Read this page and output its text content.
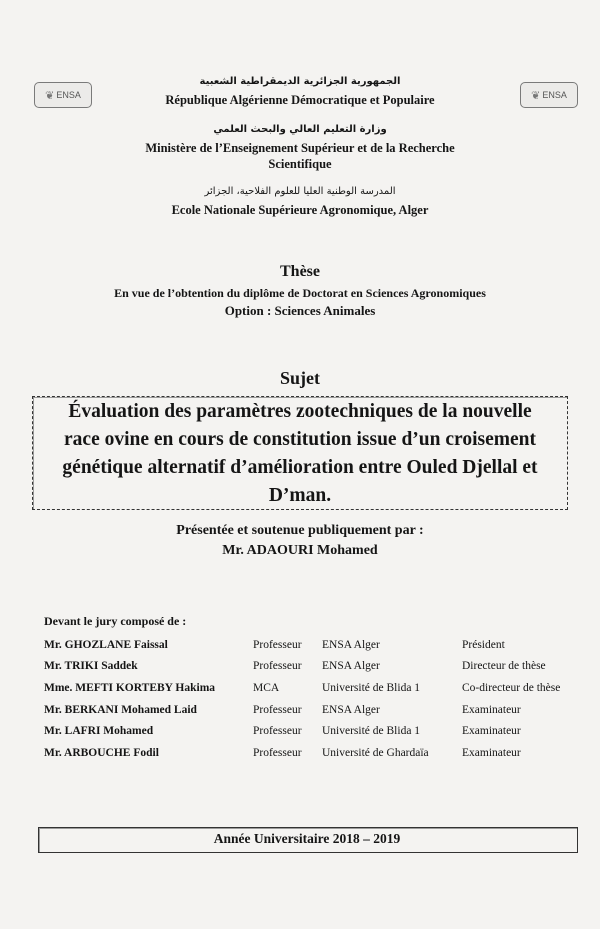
❦ ENSA	❦ ENSA
الجمهورية الجزائرية الديمقراطية الشعبية
République Algérienne Démocratique et Populaire
وزارة التعليم العالي والبحث العلمي
Ministère de l’Enseignement Supérieur et de la Recherche
Scientifique
المدرسة الوطنية العليا للعلوم الفلاحية، الجزائر
Ecole Nationale Supérieure Agronomique, Alger
Thèse
En vue de l’obtention du diplôme de Doctorat en Sciences Agronomiques
Option : Sciences Animales
Sujet
Évaluation des paramètres zootechniques de la nouvelle
race ovine en cours de constitution issue d’un croisement
génétique alternatif d’amélioration entre Ouled Djellal et
D’man.
Présentée et soutenue publiquement par :
Mr. ADAOURI Mohamed
Devant le jury composé de :
Mr. GHOZLANE Faissal	Professeur ENSA Alger	Président
Mr. TRIKI Saddek	Professeur ENSA Alger	Directeur de thèse
Mme. MEFTI KORTEBY Hakima	MCA	Université de Blida 1	Co-directeur de thèse
Mr. BERKANI Mohamed Laid	Professeur ENSA Alger	Examinateur
Mr. LAFRI Mohamed	Professeur Université de Blida 1	Examinateur
Mr. ARBOUCHE Fodil	Professeur Université de Ghardaïa	Examinateur
Année Universitaire 2018 – 2019
